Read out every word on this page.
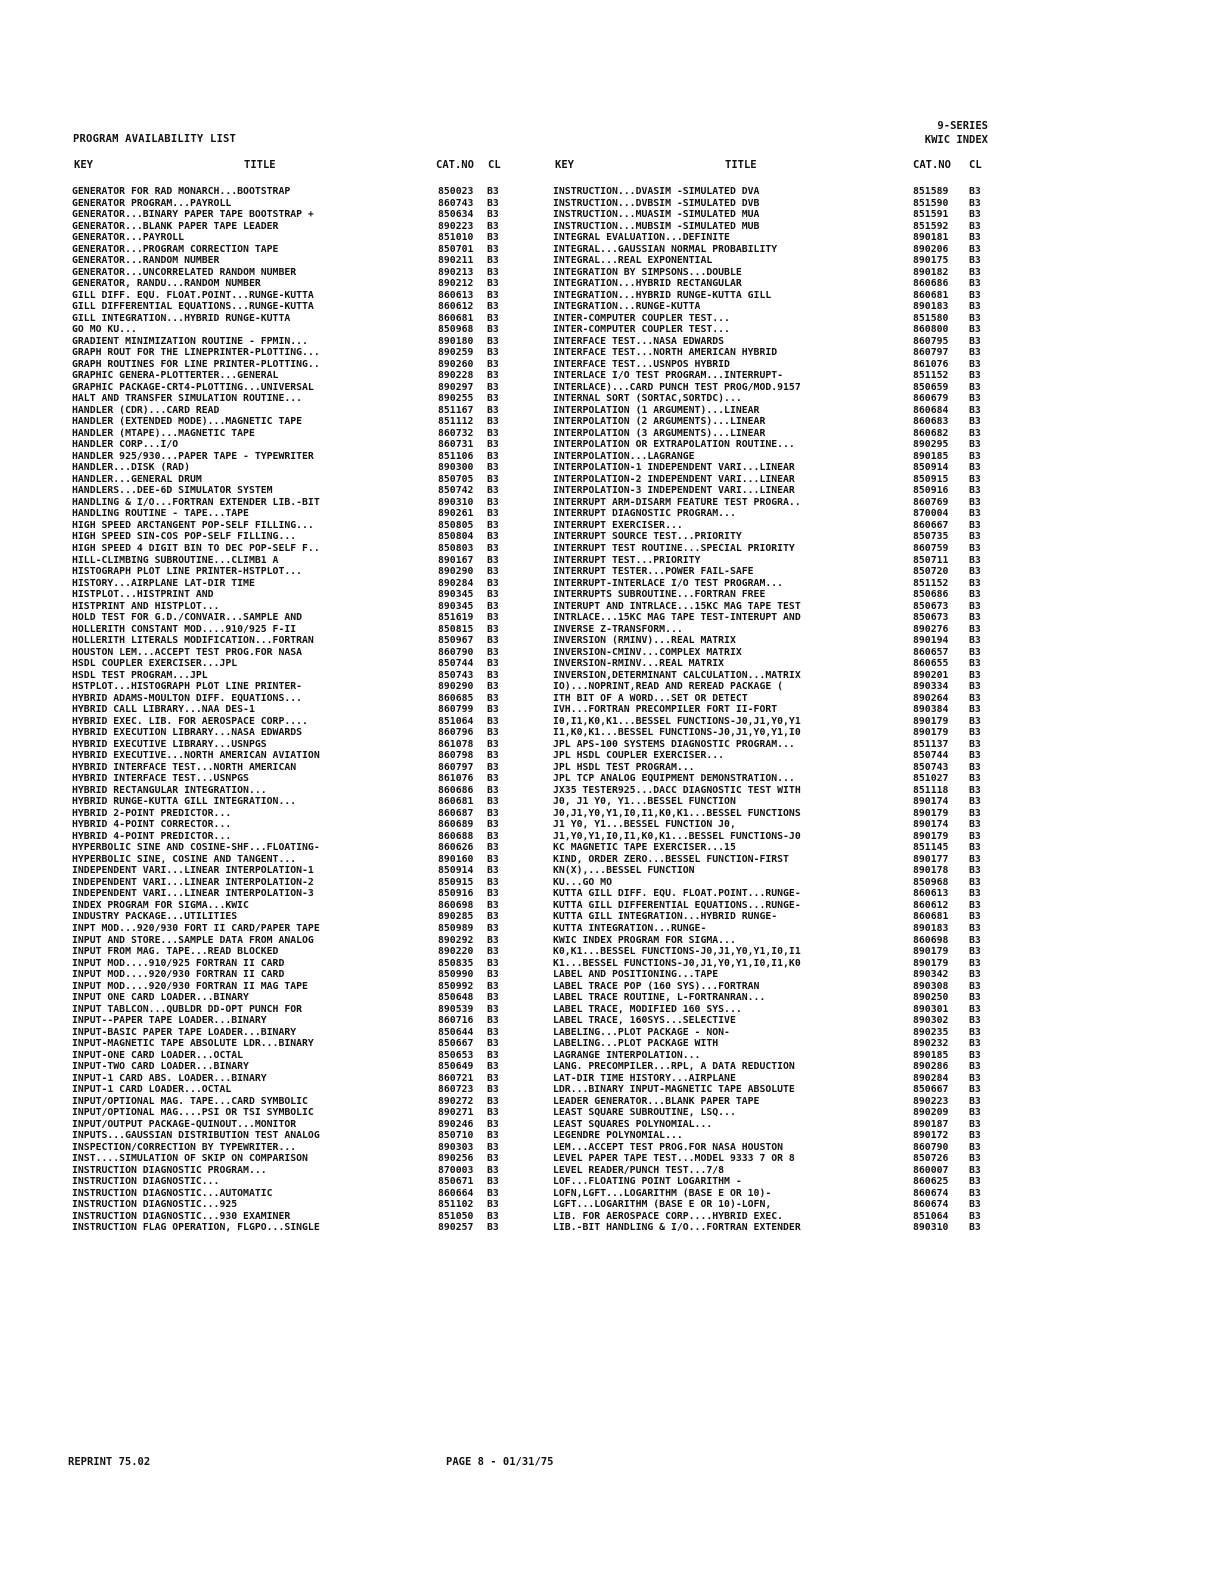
PROGRAM AVAILABILITY LIST
9-SERIES
KWIC INDEX
KEY	TITLE	CAT.NO CL	KEY	TITLE	CAT.NO CL
GENERATOR FOR RAD MONARCH...BOOTSTRAP	850023 B3
GENERATOR PROGRAM...PAYROLL	860743 B3
GENERATOR...BINARY PAPER TAPE BOOTSTRAP +	850634 B3
GENERATOR...BLANK PAPER TAPE LEADER	890223 B3
GENERATOR...PAYROLL	851010 B3
GENERATOR...PROGRAM CORRECTION TAPE	850701 B3
GENERATOR...RANDOM NUMBER	890211 B3
GENERATOR...UNCORRELATED RANDOM NUMBER	890213 B3
GENERATOR, RANDU...RANDOM NUMBER	890212 B3
GILL DIFF. EQU. FLOAT.POINT...RUNGE-KUTTA	860613 B3
GILL DIFFERENTIAL EQUATIONS...RUNGE-KUTTA	860612 B3
GILL INTEGRATION...HYBRID RUNGE-KUTTA	860681 B3
GO MO KU...	850968 B3
GRADIENT MINIMIZATION ROUTINE - FPMIN...	890180 B3
GRAPH ROUT FOR THE LINEPRINTER-PLOTTING...	890259 B3
GRAPH ROUTINES FOR LINE PRINTER-PLOTTING..	890260 B3
GRAPHIC GENERA-PLOTTERTER...GENERAL	890228 B3
GRAPHIC PACKAGE-CRT4-PLOTTING...UNIVERSAL	890297 B3
HALT AND TRANSFER SIMULATION ROUTINE...	890255 B3
HANDLER (CDR)...CARD READ	851167 B3
HANDLER (EXTENDED MODE)...MAGNETIC TAPE	851112 B3
HANDLER (MTAPE)...MAGNETIC TAPE	860732 B3
HANDLER CORP...I/O	860731 B3
HANDLER 925/930...PAPER TAPE - TYPEWRITER	851106 B3
HANDLER...DISK (RAD)	890300 B3
HANDLER...GENERAL DRUM	850705 B3
HANDLERS...DEE-6D SIMULATOR SYSTEM	850742 B3
HANDLING & I/O...FORTRAN EXTENDER LIB.-BIT	890310 B3
HANDLING ROUTINE - TAPE...TAPE	890261 B3
HIGH SPEED ARCTANGENT POP-SELF FILLING...	850805 B3
HIGH SPEED SIN-COS POP-SELF FILLING...	850804 B3
HIGH SPEED 4 DIGIT BIN TO DEC POP-SELF F..	850803 B3
HILL-CLIMBING SUBROUTINE...CLIMB1 A	890167 B3
HISTOGRAPH PLOT LINE PRINTER-HSTPLOT...	890290 B3
HISTORY...AIRPLANE LAT-DIR TIME	890284 B3
HISTPLOT...HISTPRINT AND	890345 B3
HISTPRINT AND HISTPLOT...	890345 B3
HOLD TEST FOR G.D./CONVAIR...SAMPLE AND	851619 B3
HOLLERITH CONSTANT MOD....910/925 F-II	850815 B3
HOLLERITH LITERALS MODIFICATION...FORTRAN	850967 B3
HOUSTON LEM...ACCEPT TEST PROG.FOR NASA	860790 B3
HSDL COUPLER EXERCISER...JPL	850744 B3
HSDL TEST PROGRAM...JPL	850743 B3
HSTPLOT...HISTOGRAPH PLOT LINE PRINTER-	890290 B3
HYBRID ADAMS-MOULTON DIFF. EQUATIONS...	860685 B3
HYBRID CALL LIBRARY...NAA DES-1	860799 B3
HYBRID EXEC. LIB. FOR AEROSPACE CORP....	851064 B3
HYBRID EXECUTION LIBRARY...NASA EDWARDS	860796 B3
HYBRID EXECUTIVE LIBRARY...USNPGS	861078 B3
HYBRID EXECUTIVE...NORTH AMERICAN AVIATION	860798 B3
HYBRID INTERFACE TEST...NORTH AMERICAN	860797 B3
HYBRID INTERFACE TEST...USNPGS	861076 B3
HYBRID RECTANGULAR INTEGRATION...	860686 B3
HYBRID RUNGE-KUTTA GILL INTEGRATION...	860681 B3
HYBRID 2-POINT PREDICTOR...	860687 B3
HYBRID 4-POINT CORRECTOR...	860689 B3
HYBRID 4-POINT PREDICTOR...	860688 B3
HYPERBOLIC SINE AND COSINE-SHF...FLOATING-	860626 B3
HYPERBOLIC SINE, COSINE AND TANGENT...	890160 B3
INDEPENDENT VARI...LINEAR INTERPOLATION-1	850914 B3
INDEPENDENT VARI...LINEAR INTERPOLATION-2	850915 B3
INDEPENDENT VARI...LINEAR INTERPOLATION-3	850916 B3
INDEX PROGRAM FOR SIGMA...KWIC	860698 B3
INDUSTRY PACKAGE...UTILITIES	890285 B3
INPT MOD...920/930 FORT II CARD/PAPER TAPE	850989 B3
INPUT AND STORE...SAMPLE DATA FROM ANALOG	890292 B3
INPUT FROM MAG. TAPE...READ BLOCKED	890220 B3
INPUT MOD....910/925 FORTRAN II CARD	850835 B3
INPUT MOD....920/930 FORTRAN II CARD	850990 B3
INPUT MOD....920/930 FORTRAN II MAG TAPE	850992 B3
INPUT ONE CARD LOADER...BINARY	850648 B3
INPUT TABLCON...QUBLDR DD-OPT PUNCH FOR	890539 B3
INPUT--PAPER TAPE LOADER...BINARY	860716 B3
INPUT-BASIC PAPER TAPE LOADER...BINARY	850644 B3
INPUT-MAGNETIC TAPE ABSOLUTE LDR...BINARY	850667 B3
INPUT-ONE CARD LOADER...OCTAL	850653 B3
INPUT-TWO CARD LOADER...BINARY	850649 B3
INPUT-1 CARD ABS. LOADER...BINARY	860721 B3
INPUT-1 CARD LOADER...OCTAL	860723 B3
INPUT/OPTIONAL MAG. TAPE...CARD SYMBOLIC	890272 B3
INPUT/OPTIONAL MAG....PSI OR TSI SYMBOLIC	890271 B3
INPUT/OUTPUT PACKAGE-QUINOUT...MONITOR	890246 B3
INPUTS...GAUSSIAN DISTRIBUTION TEST ANALOG	850710 B3
INSPECTION/CORRECTION BY TYPEWRITER...	890303 B3
INST....SIMULATION OF SKIP ON COMPARISON	890256 B3
INSTRUCTION DIAGNOSTIC PROGRAM...	870003 B3
INSTRUCTION DIAGNOSTIC...	850671 B3
INSTRUCTION DIAGNOSTIC...AUTOMATIC	860664 B3
INSTRUCTION DIAGNOSTIC...925	851102 B3
INSTRUCTION DIAGNOSTIC...930 EXAMINER	851050 B3
INSTRUCTION FLAG OPERATION, FLGPO...SINGLE	890257 B3
INSTRUCTION...DVASIM -SIMULATED DVA	851589 B3
INSTRUCTION...DVBSIM -SIMULATED DVB	851590 B3
INSTRUCTION...MUASIM -SIMULATED MUA	851591 B3
INSTRUCTION...MUBSIM -SIMULATED MUB	851592 B3
INTEGRAL EVALUATION...DEFINITE	890181 B3
INTEGRAL...GAUSSIAN NORMAL PROBABILITY	890206 B3
INTEGRAL...REAL EXPONENTIAL	890175 B3
INTEGRATION BY SIMPSONS...DOUBLE	890182 B3
INTEGRATION...HYBRID RECTANGULAR	860686 B3
INTEGRATION...HYBRID RUNGE-KUTTA GILL	860681 B3
INTEGRATION...RUNGE-KUTTA	890183 B3
INTER-COMPUTER COUPLER TEST...	851580 B3
INTER-COMPUTER COUPLER TEST...	860800 B3
INTERFACE TEST...NASA EDWARDS	860795 B3
INTERFACE TEST...NORTH AMERICAN HYBRID	860797 B3
INTERFACE TEST...USNPOS HYBRID	861076 B3
INTERLACE I/O TEST PROGRAM...INTERRUPT-	851152 B3
INTERLACE)...CARD PUNCH TEST PROG/MOD.9157	850659 B3
INTERNAL SORT (SORTAC,SORTDC)...	860679 B3
INTERPOLATION (1 ARGUMENT)...LINEAR	860684 B3
INTERPOLATION (2 ARGUMENTS)...LINEAR	860683 B3
INTERPOLATION (3 ARGUMENTS)...LINEAR	860682 B3
INTERPOLATION OR EXTRAPOLATION ROUTINE...	890295 B3
INTERPOLATION...LAGRANGE	890185 B3
INTERPOLATION-1 INDEPENDENT VARI...LINEAR	850914 B3
INTERPOLATION-2 INDEPENDENT VARI...LINEAR	850915 B3
INTERPOLATION-3 INDEPENDENT VARI...LINEAR	850916 B3
INTERRUPT ARM-DISARM FEATURE TEST PROGRA..	860769 B3
INTERRUPT DIAGNOSTIC PROGRAM...	870004 B3
INTERRUPT EXERCISER...	860667 B3
INTERRUPT SOURCE TEST...PRIORITY	850735 B3
INTERRUPT TEST ROUTINE...SPECIAL PRIORITY	860759 B3
INTERRUPT TEST...PRIORITY	850711 B3
INTERRUPT TESTER...POWER FAIL-SAFE	850720 B3
INTERRUPT-INTERLACE I/O TEST PROGRAM...	851152 B3
INTERRUPTS SUBROUTINE...FORTRAN FREE	850686 B3
INTERUPT AND INTRLACE...15KC MAG TAPE TEST	850673 B3
INTRLACE...15KC MAG TAPE TEST-INTERUPT AND	850673 B3
INVERSE Z-TRANSFORM...	890276 B3
INVERSION (RMINV)...REAL MATRIX	890194 B3
INVERSION-CMINV...COMPLEX MATRIX	860657 B3
INVERSION-RMINV...REAL MATRIX	860655 B3
INVERSION,DETERMINANT CALCULATION...MATRIX	890201 B3
IO)...NOPRINT,READ AND REREAD PACKAGE (	890334 B3
ITH BIT OF A WORD...SET OR DETECT	890264 B3
IVH...FORTRAN PRECOMPILER FORT II-FORT	890384 B3
I0,I1,K0,K1...BESSEL FUNCTIONS-J0,J1,Y0,Y1	890179 B3
I1,K0,K1...BESSEL FUNCTIONS-J0,J1,Y0,Y1,I0	890179 B3
JPL APS-100 SYSTEMS DIAGNOSTIC PROGRAM...	851137 B3
JPL HSDL COUPLER EXERCISER...	850744 B3
JPL HSDL TEST PROGRAM...	850743 B3
JPL TCP ANALOG EQUIPMENT DEMONSTRATION...	851027 B3
JX35 TESTER925...DACC DIAGNOSTIC TEST WITH	851118 B3
J0, J1 Y0, Y1...BESSEL FUNCTION	890174 B3
J0,J1,Y0,Y1,I0,I1,K0,K1...BESSEL FUNCTIONS	890179 B3
J1 Y0, Y1...BESSEL FUNCTION J0,	890174 B3
J1,Y0,Y1,I0,I1,K0,K1...BESSEL FUNCTIONS-J0	890179 B3
KC MAGNETIC TAPE EXERCISER...15	851145 B3
KIND, ORDER ZERO...BESSEL FUNCTION-FIRST	890177 B3
KN(X),...BESSEL FUNCTION	890178 B3
KU...GO MO	850968 B3
KUTTA GILL DIFF. EQU. FLOAT.POINT...RUNGE-	860613 B3
KUTTA GILL DIFFERENTIAL EQUATIONS...RUNGE-	860612 B3
KUTTA GILL INTEGRATION...HYBRID RUNGE-	860681 B3
KUTTA INTEGRATION...RUNGE-	890183 B3
KWIC INDEX PROGRAM FOR SIGMA...	860698 B3
K0,K1...BESSEL FUNCTIONS-J0,J1,Y0,Y1,I0,I1	890179 B3
K1...BESSEL FUNCTIONS-J0,J1,Y0,Y1,I0,I1,K0	890179 B3
LABEL AND POSITIONING...TAPE	890342 B3
LABEL TRACE POP (160 SYS)...FORTRAN	890308 B3
LABEL TRACE ROUTINE, L-FORTRANRAN...	890250 B3
LABEL TRACE, MODIFIED 160 SYS...	890301 B3
LABEL TRACE, 160SYS...SELECTIVE	890302 B3
LABELING...PLOT PACKAGE - NON-	890235 B3
LABELING...PLOT PACKAGE WITH	890232 B3
LAGRANGE INTERPOLATION...	890185 B3
LANG. PRECOMPILER...RPL, A DATA REDUCTION	890286 B3
LAT-DIR TIME HISTORY...AIRPLANE	890284 B3
LDR...BINARY INPUT-MAGNETIC TAPE ABSOLUTE	850667 B3
LEADER GENERATOR...BLANK PAPER TAPE	890223 B3
LEAST SQUARE SUBROUTINE, LSQ...	890209 B3
LEAST SQUARES POLYNOMIAL...	890187 B3
LEGENDRE POLYNOMIAL...	890172 B3
LEM...ACCEPT TEST PROG.FOR NASA HOUSTON	860790 B3
LEVEL PAPER TAPE TEST...MODEL 9333 7 OR 8	850726 B3
LEVEL READER/PUNCH TEST...7/8	860007 B3
LOF...FLOATING POINT LOGARITHM -	860625 B3
LOFN,LGFT...LOGARITHM (BASE E OR 10)-	860674 B3
LGFT...LOGARITHM (BASE E OR 10)-LOFN,	860674 B3
LIB. FOR AEROSPACE CORP....HYBRID EXEC.	851064 B3
LIB.-BIT HANDLING & I/O...FORTRAN EXTENDER	890310 B3
REPRINT 75.02	PAGE 8 - 01/31/75
